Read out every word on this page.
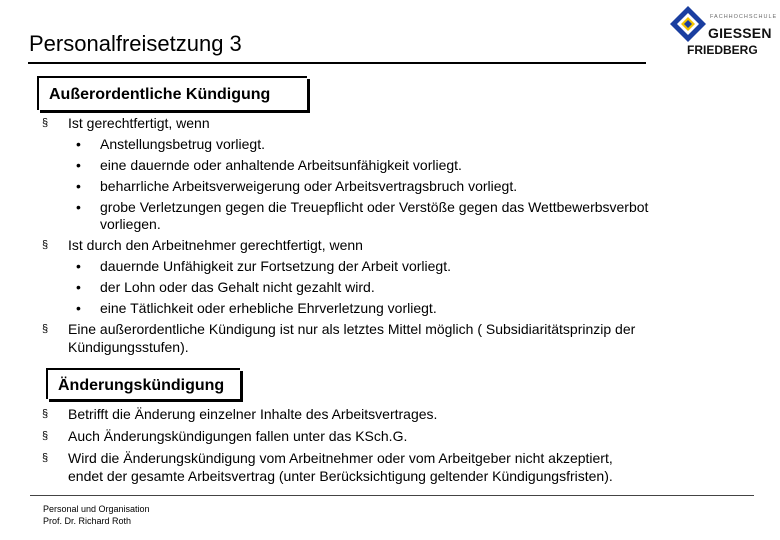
Personalfreisetzung 3
FACHHOCHSCHULE
GIESSEN
FRIEDBERG
Außerordentliche Kündigung
§ Ist gerechtfertigt, wenn
• Anstellungsbetrug vorliegt.
• eine dauernde oder anhaltende Arbeitsunfähigkeit vorliegt.
• beharrliche Arbeitsverweigerung oder Arbeitsvertragsbruch vorliegt.
• grobe Verletzungen gegen die Treuepflicht oder Verstöße gegen das Wettbewerbsverbot
vorliegen.
§ Ist durch den Arbeitnehmer gerechtfertigt, wenn
• dauernde Unfähigkeit zur Fortsetzung der Arbeit vorliegt.
• der Lohn oder das Gehalt nicht gezahlt wird.
• eine Tätlichkeit oder erhebliche Ehrverletzung vorliegt.
§ Eine außerordentliche Kündigung ist nur als letztes Mittel möglich ( Subsidiaritätsprinzip der
Kündigungsstufen).
Änderungskündigung
§ Betrifft die Änderung einzelner Inhalte des Arbeitsvertrages.
§ Auch Änderungskündigungen fallen unter das KSch.G.
§ Wird die Änderungskündigung vom Arbeitnehmer oder vom Arbeitgeber nicht akzeptiert,
endet der gesamte Arbeitsvertrag (unter Berücksichtigung geltender Kündigungsfristen).
Personal und Organisation
Prof. Dr. Richard Roth
